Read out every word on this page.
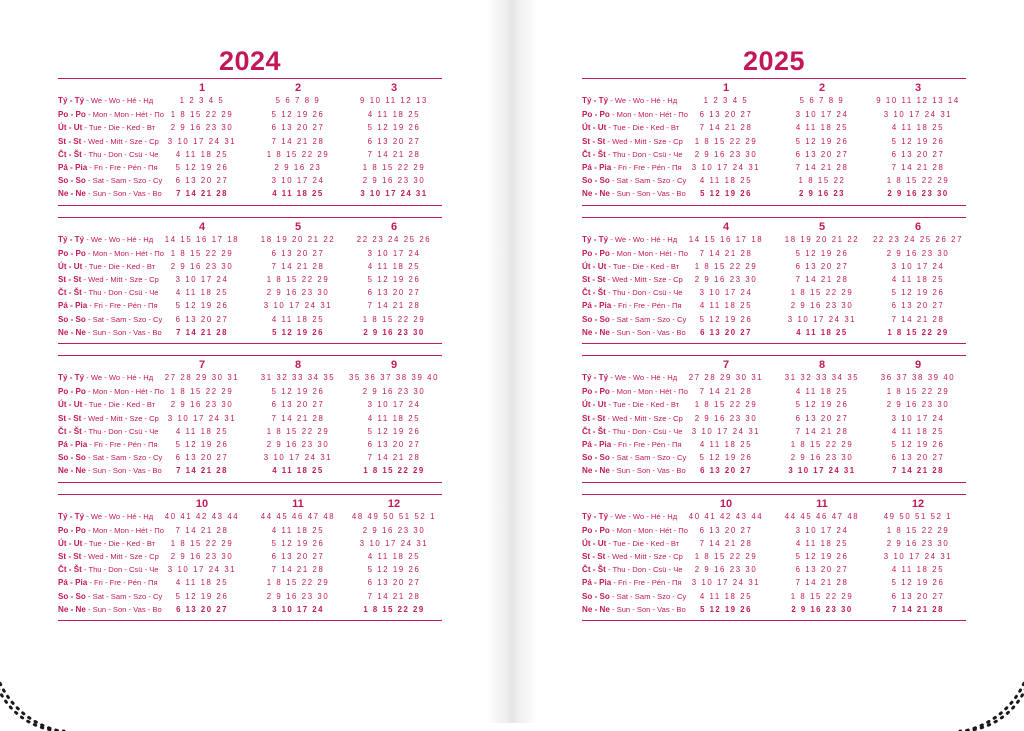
2024
1	2	3
Tý - Tý - We - Wo - Hé - Нд	1 2 3 4 5	5 6 7 8 9	9 10 11 12 13
Po - Po - Mon - Mon - Hét - По 1 8 15 22 29	5 12 19 26	4 11 18 25
Út - Ut - Tue - Die - Ked - Вт	2 9 16 23 30	6 13 20 27	5 12 19 26
St - St - Wed - Mitt - Sze - Ср	3 10 17 24 31	7 14 21 28	6 13 20 27
Čt - Št - Thu - Don - Csü - Че	4 11 18 25	1 8 15 22 29	7 14 21 28
Pá - Pia - Fri - Fre - Pén - Пя	5 12 19 26	2 9 16 23	1 8 15 22 29
So - So - Sat - Sam - Szo - Су	6 13 20 27	3 10 17 24	2 9 16 23 30
Ne - Ne - Sun - Son - Vas - Во	7 14 21 28	4 11 18 25	3 10 17 24 31
4	5	6
Tý - Tý - We - Wo - Hé - Нд	14 15 16 17 18	18 19 20 21 22	22 23 24 25 26
Po - Po - Mon - Mon - Hét - По 1 8 15 22 29	6 13 20 27	3 10 17 24
Út - Ut - Tue - Die - Ked - Вт	2 9 16 23 30	7 14 21 28	4 11 18 25
St - St - Wed - Mitt - Sze - Ср	3 10 17 24	1 8 15 22 29	5 12 19 26
Čt - Št - Thu - Don - Csü - Че	4 11 18 25	2 9 16 23 30	6 13 20 27
Pá - Pia - Fri - Fre - Pén - Пя	5 12 19 26	3 10 17 24 31	7 14 21 28
So - So - Sat - Sam - Szo - Су	6 13 20 27	4 11 18 25	1 8 15 22 29
Ne - Ne - Sun - Son - Vas - Во	7 14 21 28	5 12 19 26	2 9 16 23 30
7	8	9
Tý - Tý - We - Wo - Hé - Нд	27 28 29 30 31	31 32 33 34 35	35 36 37 38 39 40
Po - Po - Mon - Mon - Hét - По 1 8 15 22 29	5 12 19 26	2 9 16 23 30
Út - Ut - Tue - Die - Ked - Вт	2 9 16 23 30	6 13 20 27	3 10 17 24
St - St - Wed - Mitt - Sze - Ср	3 10 17 24 31	7 14 21 28	4 11 18 25
Čt - Št - Thu - Don - Csü - Че	4 11 18 25	1 8 15 22 29	5 12 19 26
Pá - Pia - Fri - Fre - Pén - Пя	5 12 19 26	2 9 16 23 30	6 13 20 27
So - So - Sat - Sam - Szo - Су	6 13 20 27	3 10 17 24 31	7 14 21 28
Ne - Ne - Sun - Son - Vas - Во	7 14 21 28	4 11 18 25	1 8 15 22 29
10	11	12
Tý - Tý - We - Wo - Hé - Нд	40 41 42 43 44	44 45 46 47 48	48 49 50 51 52 1
Po - Po - Mon - Mon - Hét - По	7 14 21 28	4 11 18 25	2 9 16 23 30
Út - Ut - Tue - Die - Ked - Вт	1 8 15 22 29	5 12 19 26	3 10 17 24 31
St - St - Wed - Mitt - Sze - Ср	2 9 16 23 30	6 13 20 27	4 11 18 25
Čt - Št - Thu - Don - Csü - Че	3 10 17 24 31	7 14 21 28	5 12 19 26
Pá - Pia - Fri - Fre - Pén - Пя	4 11 18 25	1 8 15 22 29	6 13 20 27
So - So - Sat - Sam - Szo - Су	5 12 19 26	2 9 16 23 30	7 14 21 28
Ne - Ne - Sun - Son - Vas - Во	6 13 20 27	3 10 17 24	1 8 15 22 29
2025
1	2	3
Tý - Tý - We - Wo - Hé - Нд	1 2 3 4 5	5 6 7 8 9	9 10 11 12 13 14
Po - Po - Mon - Mon - Hét - По	6 13 20 27	3 10 17 24	3 10 17 24 31
Út - Ut - Tue - Die - Ked - Вт	7 14 21 28	4 11 18 25	4 11 18 25
St - St - Wed - Mitt - Sze - Ср	1 8 15 22 29	5 12 19 26	5 12 19 26
Čt - Št - Thu - Don - Csü - Че	2 9 16 23 30	6 13 20 27	6 13 20 27
Pá - Pia - Fri - Fre - Pén - Пя	3 10 17 24 31	7 14 21 28	7 14 21 28
So - So - Sat - Sam - Szo - Су	4 11 18 25	1 8 15 22	1 8 15 22 29
Ne - Ne - Sun - Son - Vas - Во	5 12 19 26	2 9 16 23	2 9 16 23 30
4	5	6
Tý - Tý - We - Wo - Hé - Нд	14 15 16 17 18	18 19 20 21 22	22 23 24 25 26 27
Po - Po - Mon - Mon - Hét - По	7 14 21 28	5 12 19 26	2 9 16 23 30
Út - Ut - Tue - Die - Ked - Вт	1 8 15 22 29	6 13 20 27	3 10 17 24
St - St - Wed - Mitt - Sze - Ср	2 9 16 23 30	7 14 21 28	4 11 18 25
Čt - Št - Thu - Don - Csü - Че	3 10 17 24	1 8 15 22 29	5 12 19 26
Pá - Pia - Fri - Fre - Pén - Пя	4 11 18 25	2 9 16 23 30	6 13 20 27
So - So - Sat - Sam - Szo - Су	5 12 19 26	3 10 17 24 31	7 14 21 28
Ne - Ne - Sun - Son - Vas - Во	6 13 20 27	4 11 18 25	1 8 15 22 29
7	8	9
Tý - Tý - We - Wo - Hé - Нд	27 28 29 30 31	31 32 33 34 35	36 37 38 39 40
Po - Po - Mon - Mon - Hét - По	7 14 21 28	4 11 18 25	1 8 15 22 29
Út - Ut - Tue - Die - Ked - Вт	1 8 15 22 29	5 12 19 26	2 9 16 23 30
St - St - Wed - Mitt - Sze - Ср	2 9 16 23 30	6 13 20 27	3 10 17 24
Čt - Št - Thu - Don - Csü - Че	3 10 17 24 31	7 14 21 28	4 11 18 25
Pá - Pia - Fri - Fre - Pén - Пя	4 11 18 25	1 8 15 22 29	5 12 19 26
So - So - Sat - Sam - Szo - Су	5 12 19 26	2 9 16 23 30	6 13 20 27
Ne - Ne - Sun - Son - Vas - Во	6 13 20 27	3 10 17 24 31	7 14 21 28
10	11	12
Tý - Tý - We - Wo - Hé - Нд	40 41 42 43 44	44 45 46 47 48	49 50 51 52 1
Po - Po - Mon - Mon - Hét - По	6 13 20 27	3 10 17 24	1 8 15 22 29
Út - Ut - Tue - Die - Ked - Вт	7 14 21 28	4 11 18 25	2 9 16 23 30
St - St - Wed - Mitt - Sze - Ср	1 8 15 22 29	5 12 19 26	3 10 17 24 31
Čt - Št - Thu - Don - Csü - Че	2 9 16 23 30	6 13 20 27	4 11 18 25
Pá - Pia - Fri - Fre - Pén - Пя	3 10 17 24 31	7 14 21 28	5 12 19 26
So - So - Sat - Sam - Szo - Су	4 11 18 25	1 8 15 22 29	6 13 20 27
Ne - Ne - Sun - Son - Vas - Во	5 12 19 26	2 9 16 23 30	7 14 21 28
